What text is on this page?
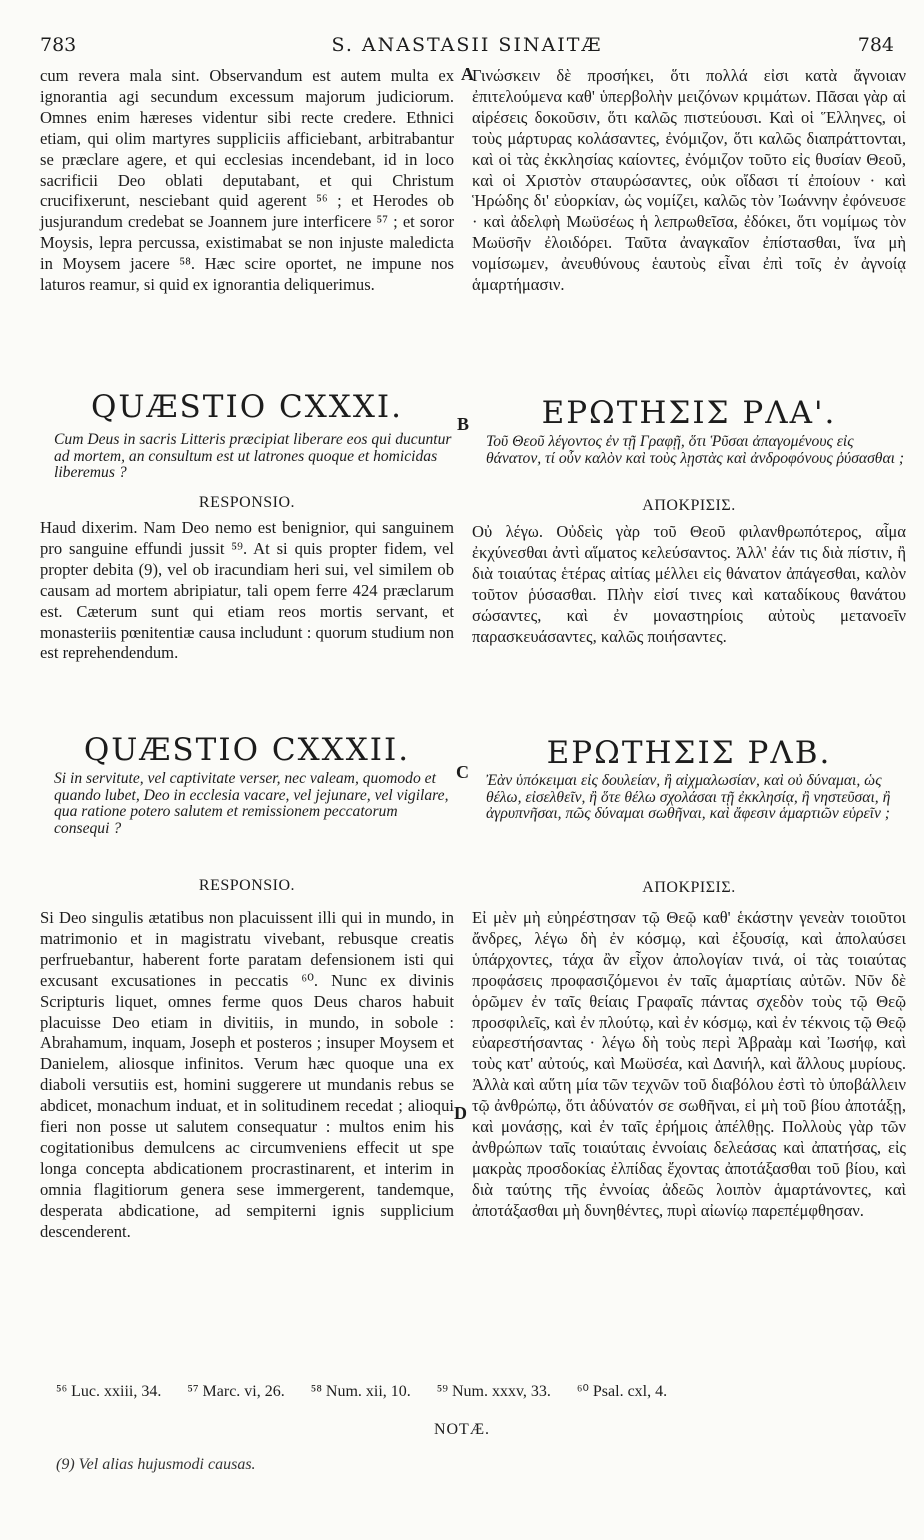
783	S. ANASTASII SINAITÆ	784
A
B
C
D

cum revera mala sint. Observandum est autem multa ex ignorantia agi secundum excessum majorum judiciorum. Omnes enim hæreses videntur sibi recte credere. Ethnici etiam, qui olim martyres suppliciis afficiebant, arbitrabantur se præclare agere, et qui ecclesias incendebant, id in loco sacrificii Deo oblati deputabant, et qui Christum crucifixerunt, nesciebant quid agerent ⁵⁶ ; et Herodes ob jusjurandum credebat se Joannem jure interficere ⁵⁷ ; et soror Moysis, lepra percussa, existimabat se non injuste maledicta in Moysem jacere ⁵⁸. Hæc scire oportet, ne impune nos laturos reamur, si quid ex ignorantia deliquerimus.

QUÆSTIO CXXXI.

Cum Deus in sacris Litteris præcipiat liberare eos qui ducuntur ad mortem, an consultum est ut latrones quoque et homicidas liberemus ?

RESPONSIO.

Haud dixerim. Nam Deo nemo est benignior, qui sanguinem pro sanguine effundi jussit ⁵⁹. At si quis propter fidem, vel propter debita (9), vel ob iracundiam heri sui, vel similem ob causam ad mortem abripiatur, tali opem ferre 424 præclarum est. Cæterum sunt qui etiam reos mortis servant, et monasteriis pœnitentiæ causa includunt : quorum studium non est reprehendendum.

QUÆSTIO CXXXII.

Si in servitute, vel captivitate verser, nec valeam, quomodo et quando lubet, Deo in ecclesia vacare, vel jejunare, vel vigilare, qua ratione potero salutem et remissionem peccatorum consequi ?

RESPONSIO.

Si Deo singulis ætatibus non placuissent illi qui in mundo, in matrimonio et in magistratu vivebant, rebusque creatis perfruebantur, haberent forte paratam defensionem isti qui excusant excusationes in peccatis ⁶⁰. Nunc ex divinis Scripturis liquet, omnes ferme quos Deus charos habuit placuisse Deo etiam in divitiis, in mundo, in sobole : Abrahamum, inquam, Joseph et posteros ; insuper Moysem et Danielem, aliosque infinitos. Verum hæc quoque una ex diaboli versutiis est, homini suggerere ut mundanis rebus se abdicet, monachum induat, et in solitudinem recedat ; alioqui fieri non posse ut salutem consequatur : multos enim his cogitationibus demulcens ac circumveniens effecit ut spe longa concepta abdicationem procrastinarent, et interim in omnia flagitiorum genera sese immergerent, tandemque, desperata abdicatione, ad sempiterni ignis supplicium descenderent.

Γινώσκειν δὲ προσήκει, ὅτι πολλά εἰσι κατὰ ἄγνοιαν ἐπιτελούμενα καθ' ὑπερβολὴν μειζόνων κριμάτων. Πᾶσαι γὰρ αἱ αἱρέσεις δοκοῦσιν, ὅτι καλῶς πιστεύουσι. Καὶ οἱ Ἕλληνες, οἱ τοὺς μάρτυρας κολάσαντες, ἐνόμιζον, ὅτι καλῶς διαπράττονται, καὶ οἱ τὰς ἐκκλησίας καίοντες, ἐνόμιζον τοῦτο εἰς θυσίαν Θεοῦ, καὶ οἱ Χριστὸν σταυρώσαντες, οὐκ οἴδασι τί ἐποίουν · καὶ Ἡρώδης δι' εὐορκίαν, ὡς νομίζει, καλῶς τὸν Ἰωάννην ἐφόνευσε · καὶ ἀδελφὴ Μωϋσέως ἡ λεπρωθεῖσα, ἐδόκει, ὅτι νομίμως τὸν Μωϋσῆν ἐλοιδόρει. Ταῦτα ἀναγκαῖον ἐπίστασθαι, ἵνα μὴ νομίσωμεν, ἀνευθύνους ἑαυτοὺς εἶναι ἐπὶ τοῖς ἐν ἀγνοίᾳ ἁμαρτήμασιν.

ΕΡΩΤΗΣΙΣ ΡΛΑ'.

Τοῦ Θεοῦ λέγοντος ἐν τῇ Γραφῇ, ὅτι Ῥῦσαι ἀπαγομένους εἰς θάνατον, τί οὖν καλὸν καὶ τοὺς λῃστὰς καὶ ἀνδροφόνους ῥύσασθαι ;

ΑΠΟΚΡΙΣΙΣ.

Οὐ λέγω. Οὐδεὶς γὰρ τοῦ Θεοῦ φιλανθρωπότερος, αἷμα ἐκχύνεσθαι ἀντὶ αἵματος κελεύσαντος. Ἀλλ' ἐάν τις διὰ πίστιν, ἢ διὰ τοιαύτας ἑτέρας αἰτίας μέλλει εἰς θάνατον ἀπάγεσθαι, καλὸν τοῦτον ῥύσασθαι. Πλὴν εἰσί τινες καὶ καταδίκους θανάτου σώσαντες, καὶ ἐν μοναστηρίοις αὐτοὺς μετανοεῖν παρασκευάσαντες, καλῶς ποιήσαντες.

ΕΡΩΤΗΣΙΣ ΡΛΒ.

Ἐὰν ὑπόκειμαι εἰς δουλείαν, ἢ αἰχμαλωσίαν, καὶ οὐ δύναμαι, ὡς θέλω, εἰσελθεῖν, ἢ ὅτε θέλω σχολάσαι τῇ ἐκκλησίᾳ, ἢ νηστεῦσαι, ἢ ἀγρυπνῆσαι, πῶς δύναμαι σωθῆναι, καὶ ἄφεσιν ἁμαρτιῶν εὑρεῖν ;

ΑΠΟΚΡΙΣΙΣ.

Εἰ μὲν μὴ εὐηρέστησαν τῷ Θεῷ καθ' ἑκάστην γενεὰν τοιοῦτοι ἄνδρες, λέγω δὴ ἐν κόσμῳ, καὶ ἐξουσίᾳ, καὶ ἀπολαύσει ὑπάρχοντες, τάχα ἂν εἶχον ἀπολογίαν τινά, οἱ τὰς τοιαύτας προφάσεις προφασιζόμενοι ἐν ταῖς ἁμαρτίαις αὐτῶν. Νῦν δὲ ὁρῶμεν ἐν ταῖς θείαις Γραφαῖς πάντας σχεδὸν τοὺς τῷ Θεῷ προσφιλεῖς, καὶ ἐν πλούτῳ, καὶ ἐν κόσμῳ, καὶ ἐν τέκνοις τῷ Θεῷ εὐαρεστήσαντας · λέγω δὴ τοὺς περὶ Ἀβραὰμ καὶ Ἰωσήφ, καὶ τοὺς κατ' αὐτούς, καὶ Μωϋσέα, καὶ Δανιήλ, καὶ ἄλλους μυρίους. Ἀλλὰ καὶ αὕτη μία τῶν τεχνῶν τοῦ διαβόλου ἐστὶ τὸ ὑποβάλλειν τῷ ἀνθρώπῳ, ὅτι ἀδύνατόν σε σωθῆναι, εἰ μὴ τοῦ βίου ἀποτάξῃ, καὶ μονάσῃς, καὶ ἐν ταῖς ἐρήμοις ἀπέλθῃς. Πολλοὺς γὰρ τῶν ἀνθρώπων ταῖς τοιαύταις ἐννοίαις δελεάσας καὶ ἀπατήσας, εἰς μακρὰς προσδοκίας ἐλπίδας ἔχοντας ἀποτάξασθαι τοῦ βίου, καὶ διὰ ταύτης τῆς ἐννοίας ἀδεῶς λοιπὸν ἁμαρτάνοντες, καὶ ἀποτάξασθαι μὴ δυνηθέντες, πυρὶ αἰωνίῳ παρεπέμφθησαν.

⁵⁶ Luc. xxiii, 34. ⁵⁷ Marc. vi, 26. ⁵⁸ Num. xii, 10. ⁵⁹ Num. xxxv, 33. ⁶⁰ Psal. cxl, 4.
NOTÆ.
(9) Vel alias hujusmodi causas.
